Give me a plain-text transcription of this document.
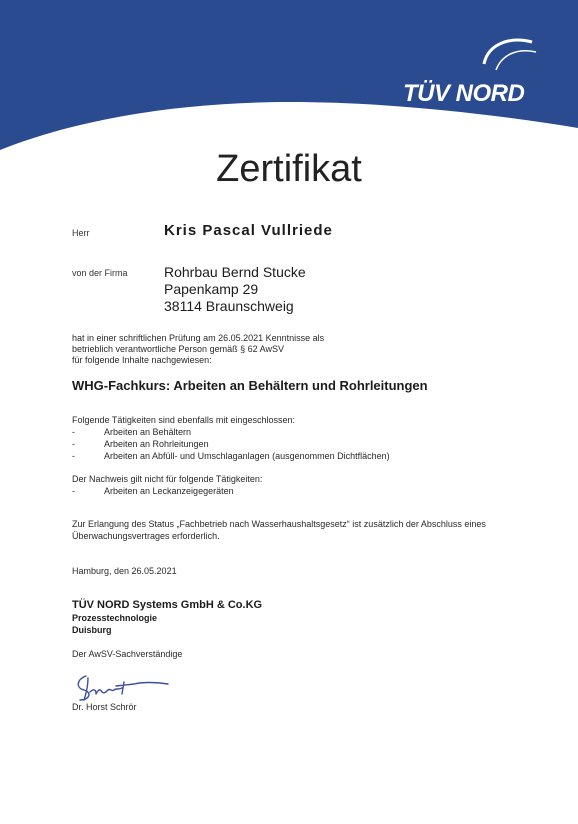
TÜV NORD
Zertifikat
Herr	Kris Pascal Vullriede
von der Firma	Rohrbau Bernd Stucke
Papenkamp 29
38114 Braunschweig
hat in einer schriftlichen Prüfung am 26.05.2021 Kenntnisse als
betrieblich verantwortliche Person gemäß § 62 AwSV
für folgende Inhalte nachgewiesen:
WHG-Fachkurs: Arbeiten an Behältern und Rohrleitungen
Folgende Tätigkeiten sind ebenfalls mit eingeschlossen:
-	Arbeiten an Behältern
-	Arbeiten an Rohrleitungen
-	Arbeiten an Abfüll- und Umschlaganlagen (ausgenommen Dichtflächen)
Der Nachweis gilt nicht für folgende Tätigkeiten:
-	Arbeiten an Leckanzeigegeräten
Zur Erlangung des Status „Fachbetrieb nach Wasserhaushaltsgesetz“ ist zusätzlich der Abschluss eines
Überwachungsvertrages erforderlich.
Hamburg, den 26.05.2021
TÜV NORD Systems GmbH & Co.KG
Prozesstechnologie
Duisburg
Der AwSV-Sachverständige
Dr. Horst Schrör
